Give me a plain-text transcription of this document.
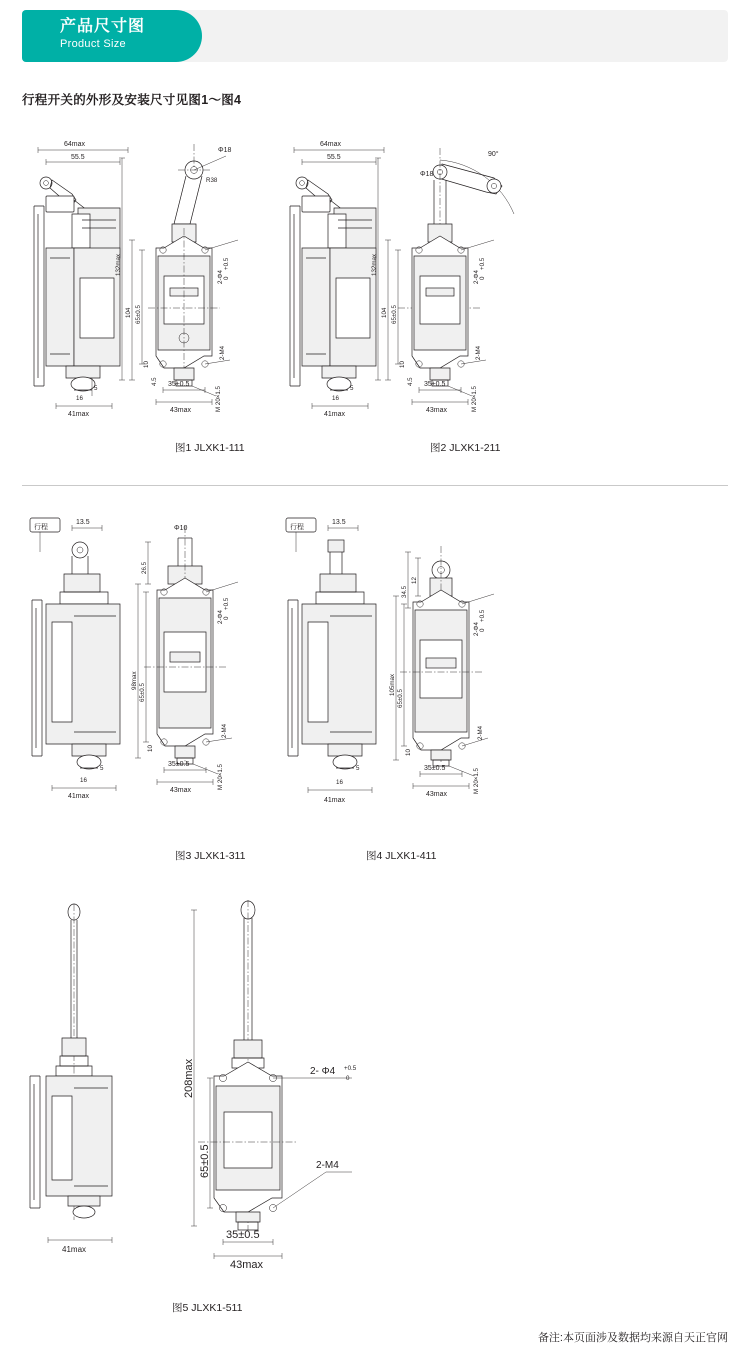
产品尺寸图
Product Size
行程开关的外形及安装尺寸见图1～图4
64max
55.5
41max
5
16
Φ18
R38
132max
104 65±0.5
10
4.5
2-Φ4
+0.5
0
2-M4
M 20×1.5
35±0.5
43max
图1 JLXK1-111
64max
55.5
41max
5
16
Φ18
90°
132max
104 65±0.5
10
4.5
2-Φ4
+0.5
0
2-M4
M 20×1.5
35±0.5
43max
图2 JLXK1-211
行程
13.5
41max
5
16
Φ10
26.5
98max
65±0.5
10
2-Φ4
+0.5
0
2-M4
M 20×1.5
35±0.5
43max
图3 JLXK1-311
行程
13.5
41max
5
16
12
34.5
105max
65±0.5
10
2-Φ4
+0.5
0
2-M4
M 20×1.5
35±0.5
43max
图4 JLXK1-411
41max
208max
65±0.5
2- Φ4 +0.5
0
2-M4
35±0.5
43max
图5 JLXK1-511
备注:本页面涉及数据均来源自天正官网
